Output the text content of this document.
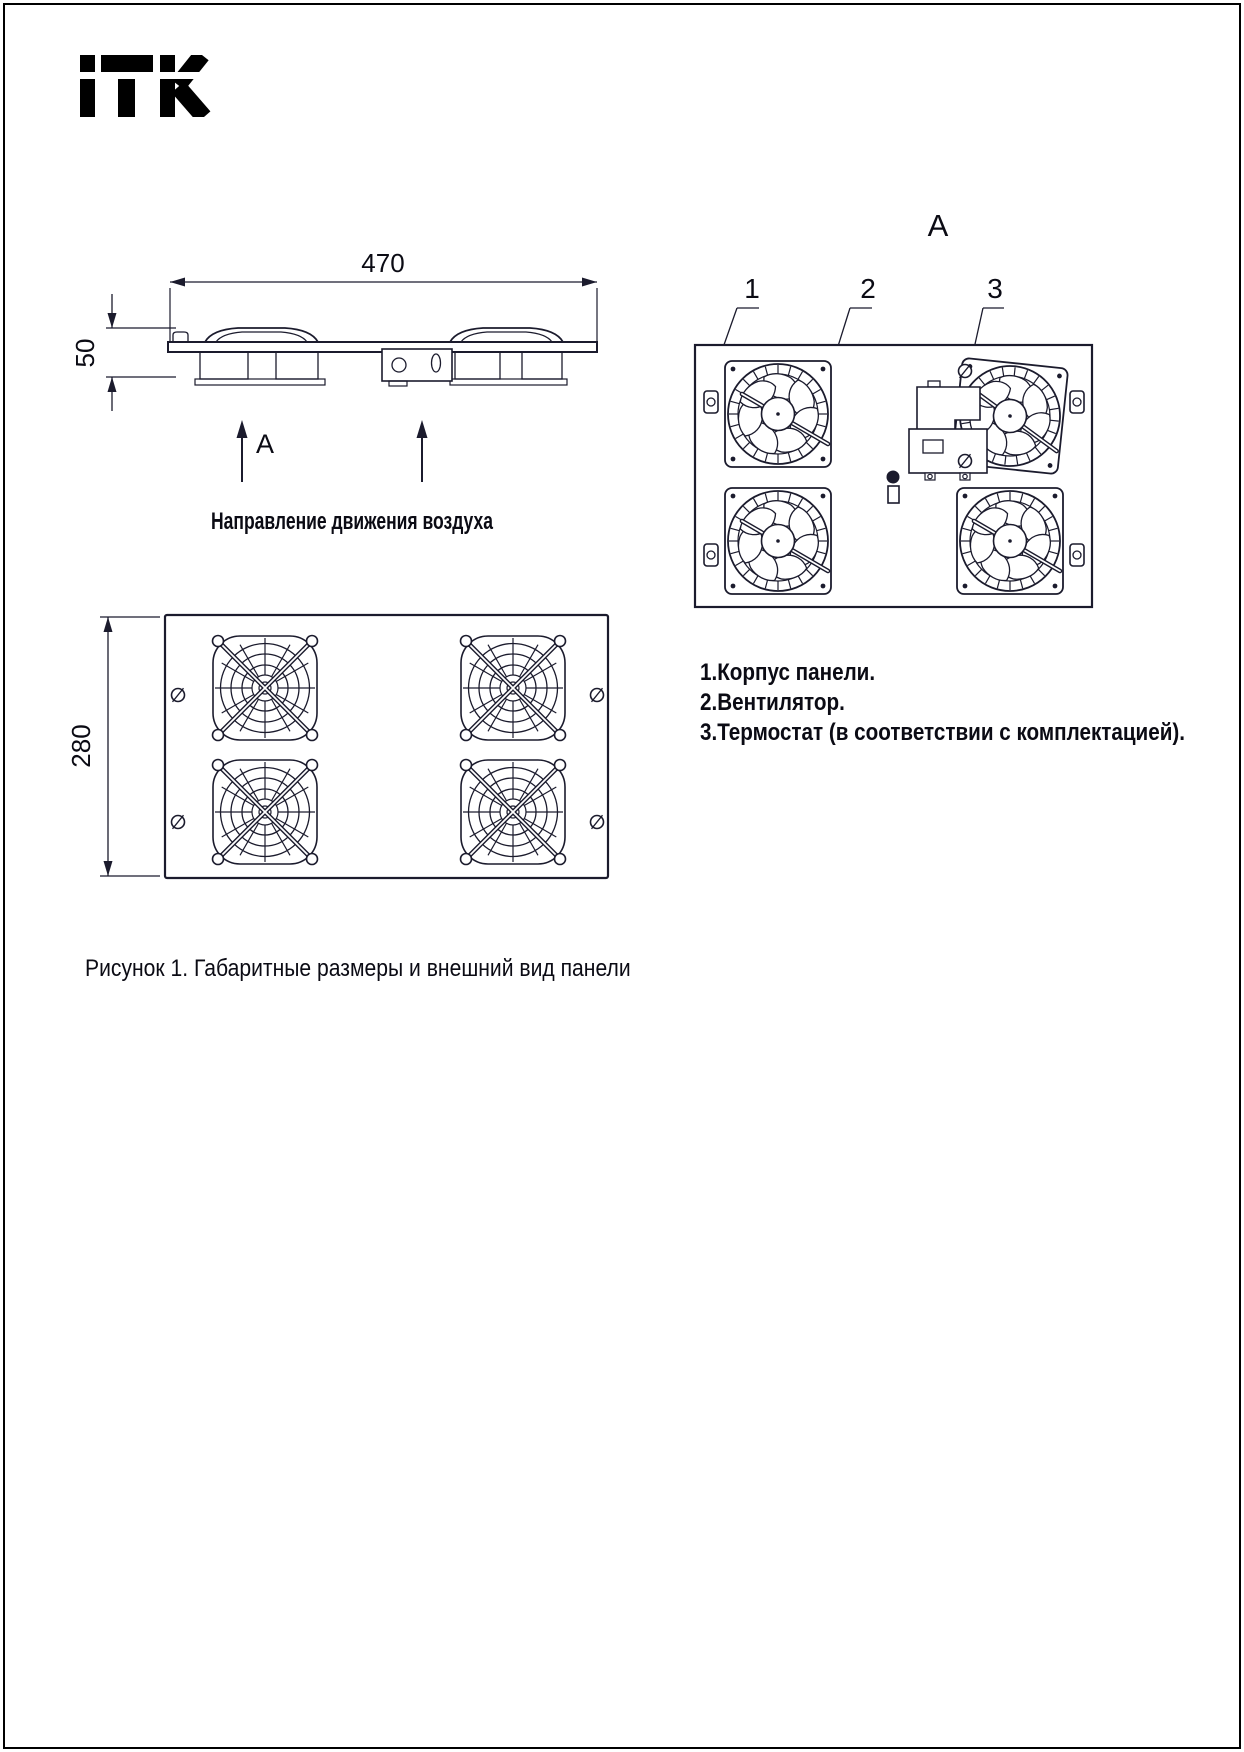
470
50
A
Направление движения воздуха
280
A
1	2	3
1.Корпус панели.
2.Вентилятор.
3.Термостат (в соответствии с комплектацией).
Рисунок 1. Габаритные размеры и внешний вид панели
